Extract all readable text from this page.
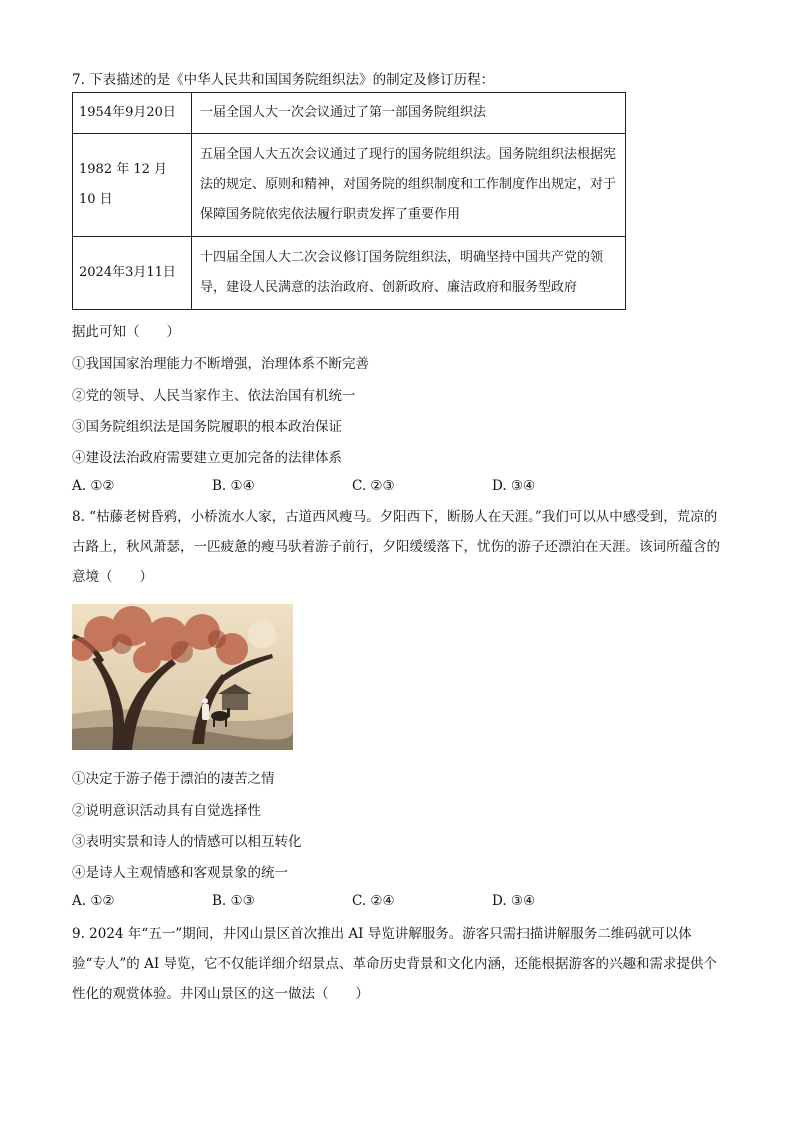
7. 下表描述的是《中华人民共和国国务院组织法》的制定及修订历程：
1954年9月20日	一届全国人大一次会议通过了第一部国务院组织法
1982 年 12 月 10 日	五届全国人大五次会议通过了现行的国务院组织法。国务院组织法根据宪法的规定、原则和精神，对国务院的组织制度和工作制度作出规定，对于保障国务院依宪依法履行职责发挥了重要作用
2024年3月11日	十四届全国人大二次会议修订国务院组织法，明确坚持中国共产党的领导，建设人民满意的法治政府、创新政府、廉洁政府和服务型政府
据此可知（　　）
①我国国家治理能力不断增强，治理体系不断完善
②党的领导、人民当家作主、依法治国有机统一
③国务院组织法是国务院履职的根本政治保证
④建设法治政府需要建立更加完备的法律体系
A. ①②	B. ①④	C. ②③	D. ③④
8. “枯藤老树昏鸦，小桥流水人家，古道西风瘦马。夕阳西下，断肠人在天涯。”我们可以从中感受到，荒凉的古路上，秋风萧瑟，一匹疲惫的瘦马驮着游子前行，夕阳缓缓落下，忧伤的游子还漂泊在天涯。该词所蕴含的意境（　　）
①决定于游子倦于漂泊的凄苦之情
②说明意识活动具有自觉选择性
③表明实景和诗人的情感可以相互转化
④是诗人主观情感和客观景象的统一
A. ①②	B. ①③	C. ②④	D. ③④
9. 2024 年“五一”期间，井冈山景区首次推出 AI 导览讲解服务。游客只需扫描讲解服务二维码就可以体验“专人”的 AI 导览，它不仅能详细介绍景点、革命历史背景和文化内涵，还能根据游客的兴趣和需求提供个性化的观赏体验。井冈山景区的这一做法（　　）
